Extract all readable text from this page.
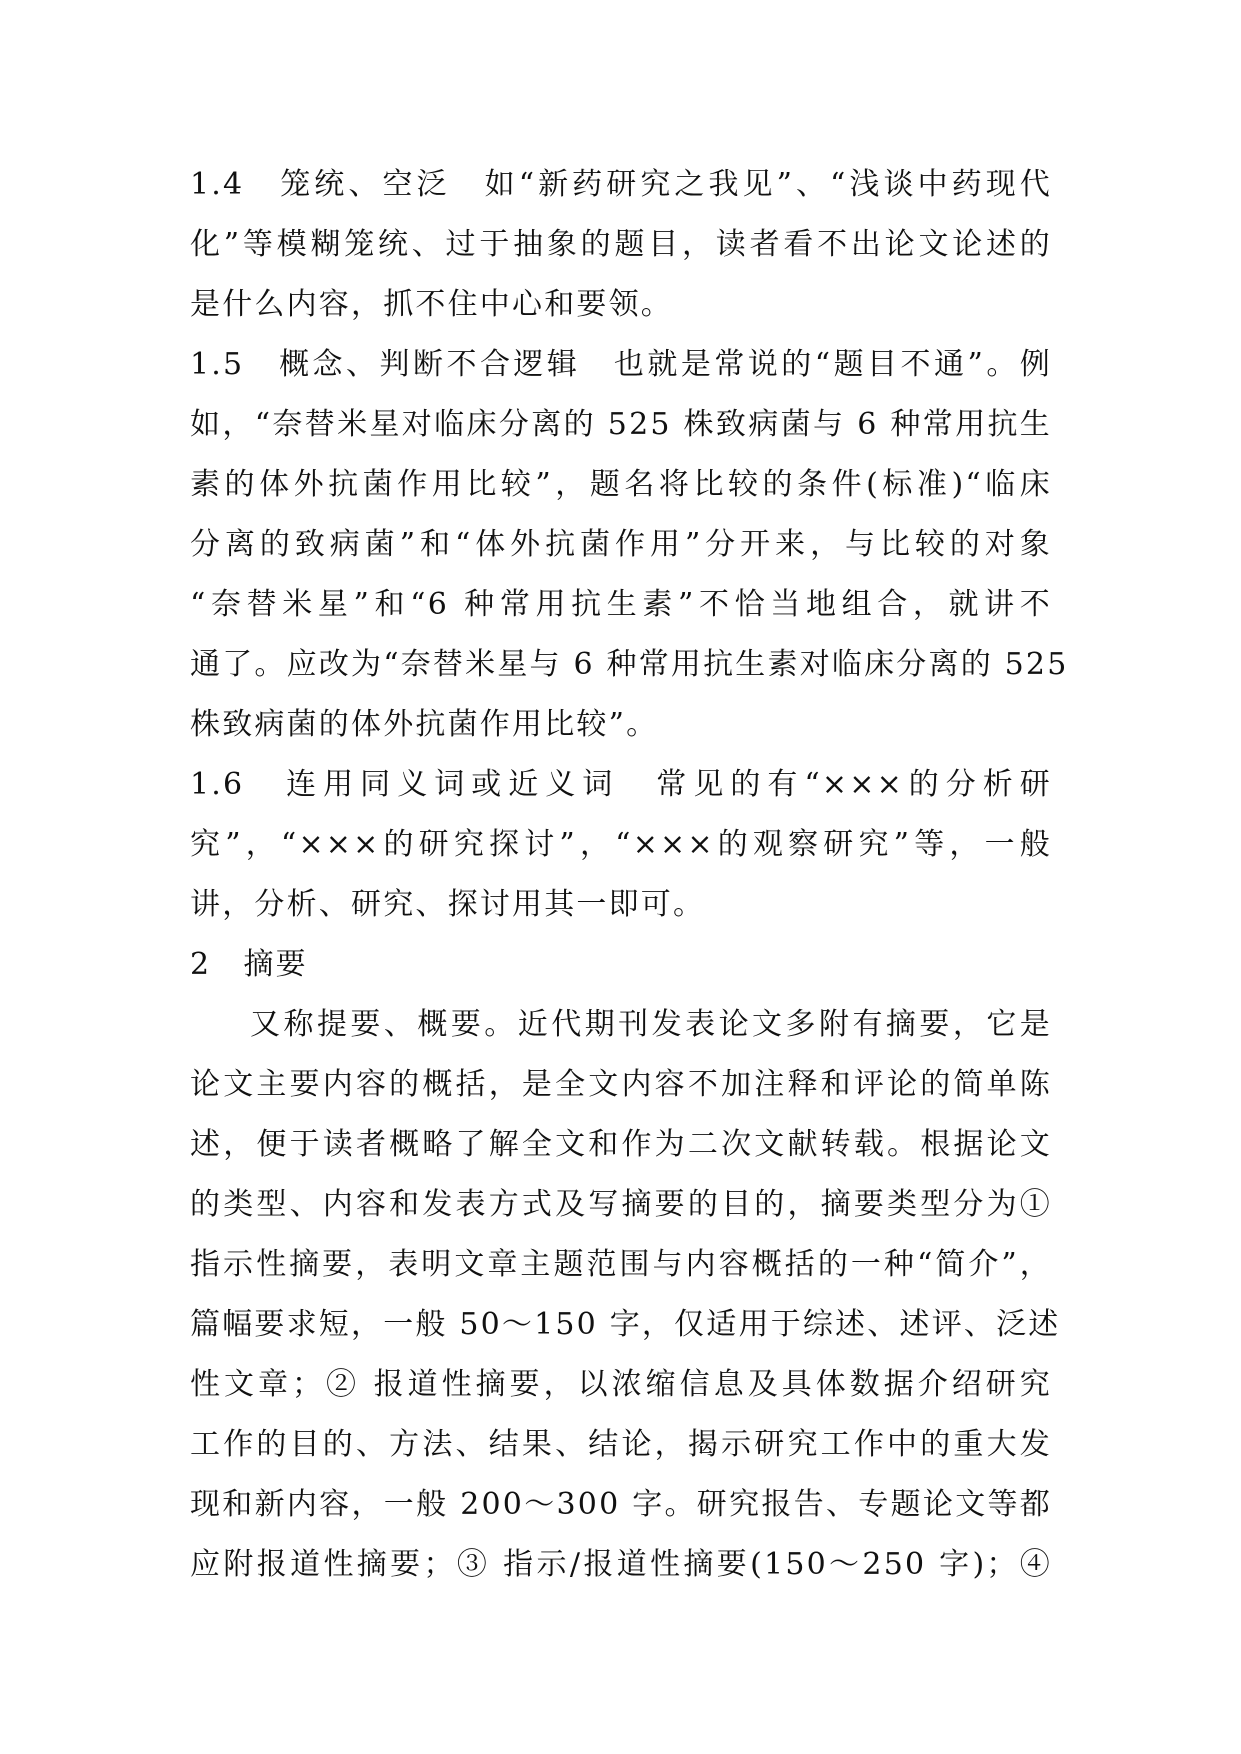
1.4　笼统、空泛　如“新药研究之我见”、“浅谈中药现代
化”等模糊笼统、过于抽象的题目，读者看不出论文论述的
是什么内容，抓不住中心和要领。
1.5　概念、判断不合逻辑　也就是常说的“题目不通”。例
如，“奈替米星对临床分离的 525 株致病菌与 6 种常用抗生
素的体外抗菌作用比较”，题名将比较的条件(标准)“临床
分离的致病菌”和“体外抗菌作用”分开来，与比较的对象
“奈替米星”和“6 种常用抗生素”不恰当地组合，就讲不
通了。应改为“奈替米星与 6 种常用抗生素对临床分离的 525
株致病菌的体外抗菌作用比较”。
1.6　连用同义词或近义词　常见的有“×××的分析研
究”，“×××的研究探讨”，“×××的观察研究”等，一般
讲，分析、研究、探讨用其一即可。
2　摘要
又称提要、概要。近代期刊发表论文多附有摘要，它是
论文主要内容的概括，是全文内容不加注释和评论的简单陈
述，便于读者概略了解全文和作为二次文献转载。根据论文
的类型、内容和发表方式及写摘要的目的，摘要类型分为①
指示性摘要，表明文章主题范围与内容概括的一种“简介”，
篇幅要求短，一般 50～150 字，仅适用于综述、述评、泛述
性文章；② 报道性摘要，以浓缩信息及具体数据介绍研究
工作的目的、方法、结果、结论，揭示研究工作中的重大发
现和新内容，一般 200～300 字。研究报告、专题论文等都
应附报道性摘要；③ 指示/报道性摘要(150～250 字)；④
